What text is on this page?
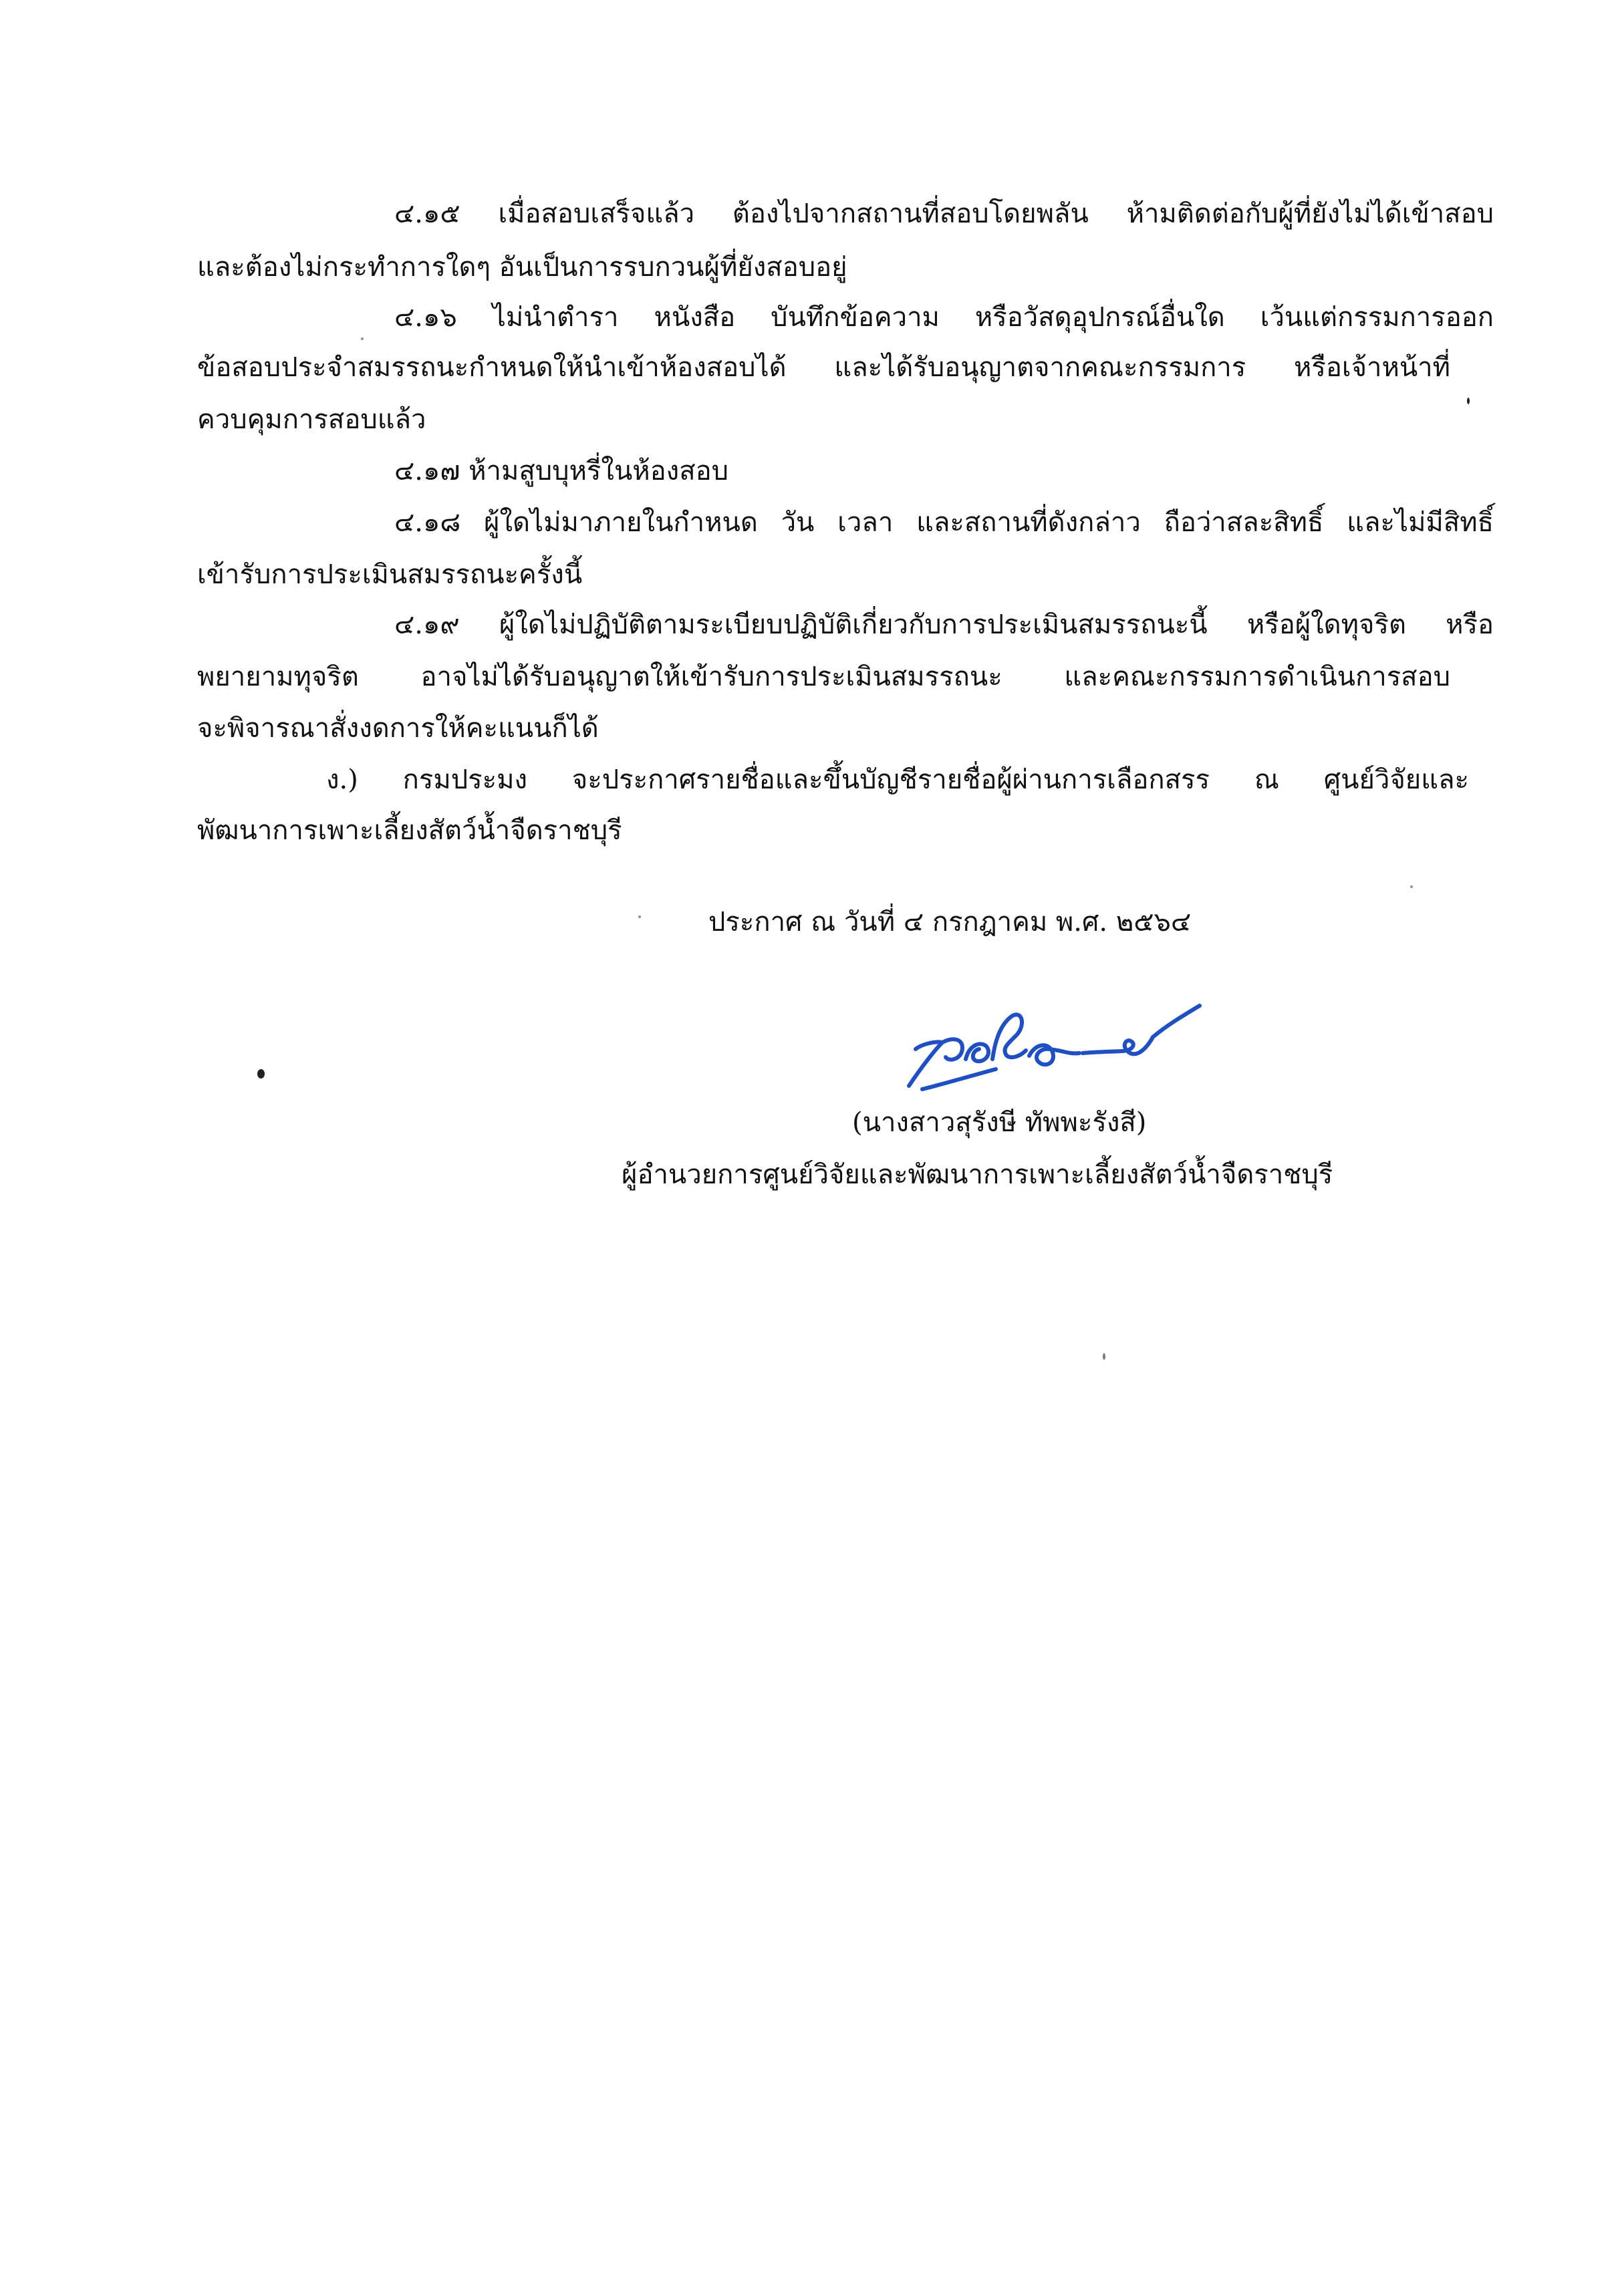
๔.๑๕ เมื่อสอบเสร็จแล้ว ต้องไปจากสถานที่สอบโดยพลัน ห้ามติดต่อกับผู้ที่ยังไม่ได้เข้าสอบ
และต้องไม่กระทำการใดๆ อันเป็นการรบกวนผู้ที่ยังสอบอยู่
๔.๑๖ ไม่นำตำรา หนังสือ บันทึกข้อความ หรือวัสดุอุปกรณ์อื่นใด เว้นแต่กรรมการออก
ข้อสอบประจำสมรรถนะกำหนดให้นำเข้าห้องสอบได้ และได้รับอนุญาตจากคณะกรรมการ หรือเจ้าหน้าที่
ควบคุมการสอบแล้ว
๔.๑๗ ห้ามสูบบุหรี่ในห้องสอบ
๔.๑๘ ผู้ใดไม่มาภายในกำหนด วัน เวลา และสถานที่ดังกล่าว ถือว่าสละสิทธิ์ และไม่มีสิทธิ์
เข้ารับการประเมินสมรรถนะครั้งนี้
๔.๑๙ ผู้ใดไม่ปฏิบัติตามระเบียบปฏิบัติเกี่ยวกับการประเมินสมรรถนะนี้ หรือผู้ใดทุจริต หรือ
พยายามทุจริต อาจไม่ได้รับอนุญาตให้เข้ารับการประเมินสมรรถนะ และคณะกรรมการดำเนินการสอบ
จะพิจารณาสั่งงดการให้คะแนนก็ได้
ง.) กรมประมง จะประกาศรายชื่อและขึ้นบัญชีรายชื่อผู้ผ่านการเลือกสรร ณ ศูนย์วิจัยและ
พัฒนาการเพาะเลี้ยงสัตว์น้ำจืดราชบุรี
ประกาศ ณ วันที่ ๔ กรกฎาคม พ.ศ. ๒๕๖๔
(นางสาวสุรังษี ทัพพะรังสี)
ผู้อำนวยการศูนย์วิจัยและพัฒนาการเพาะเลี้ยงสัตว์น้ำจืดราชบุรี
